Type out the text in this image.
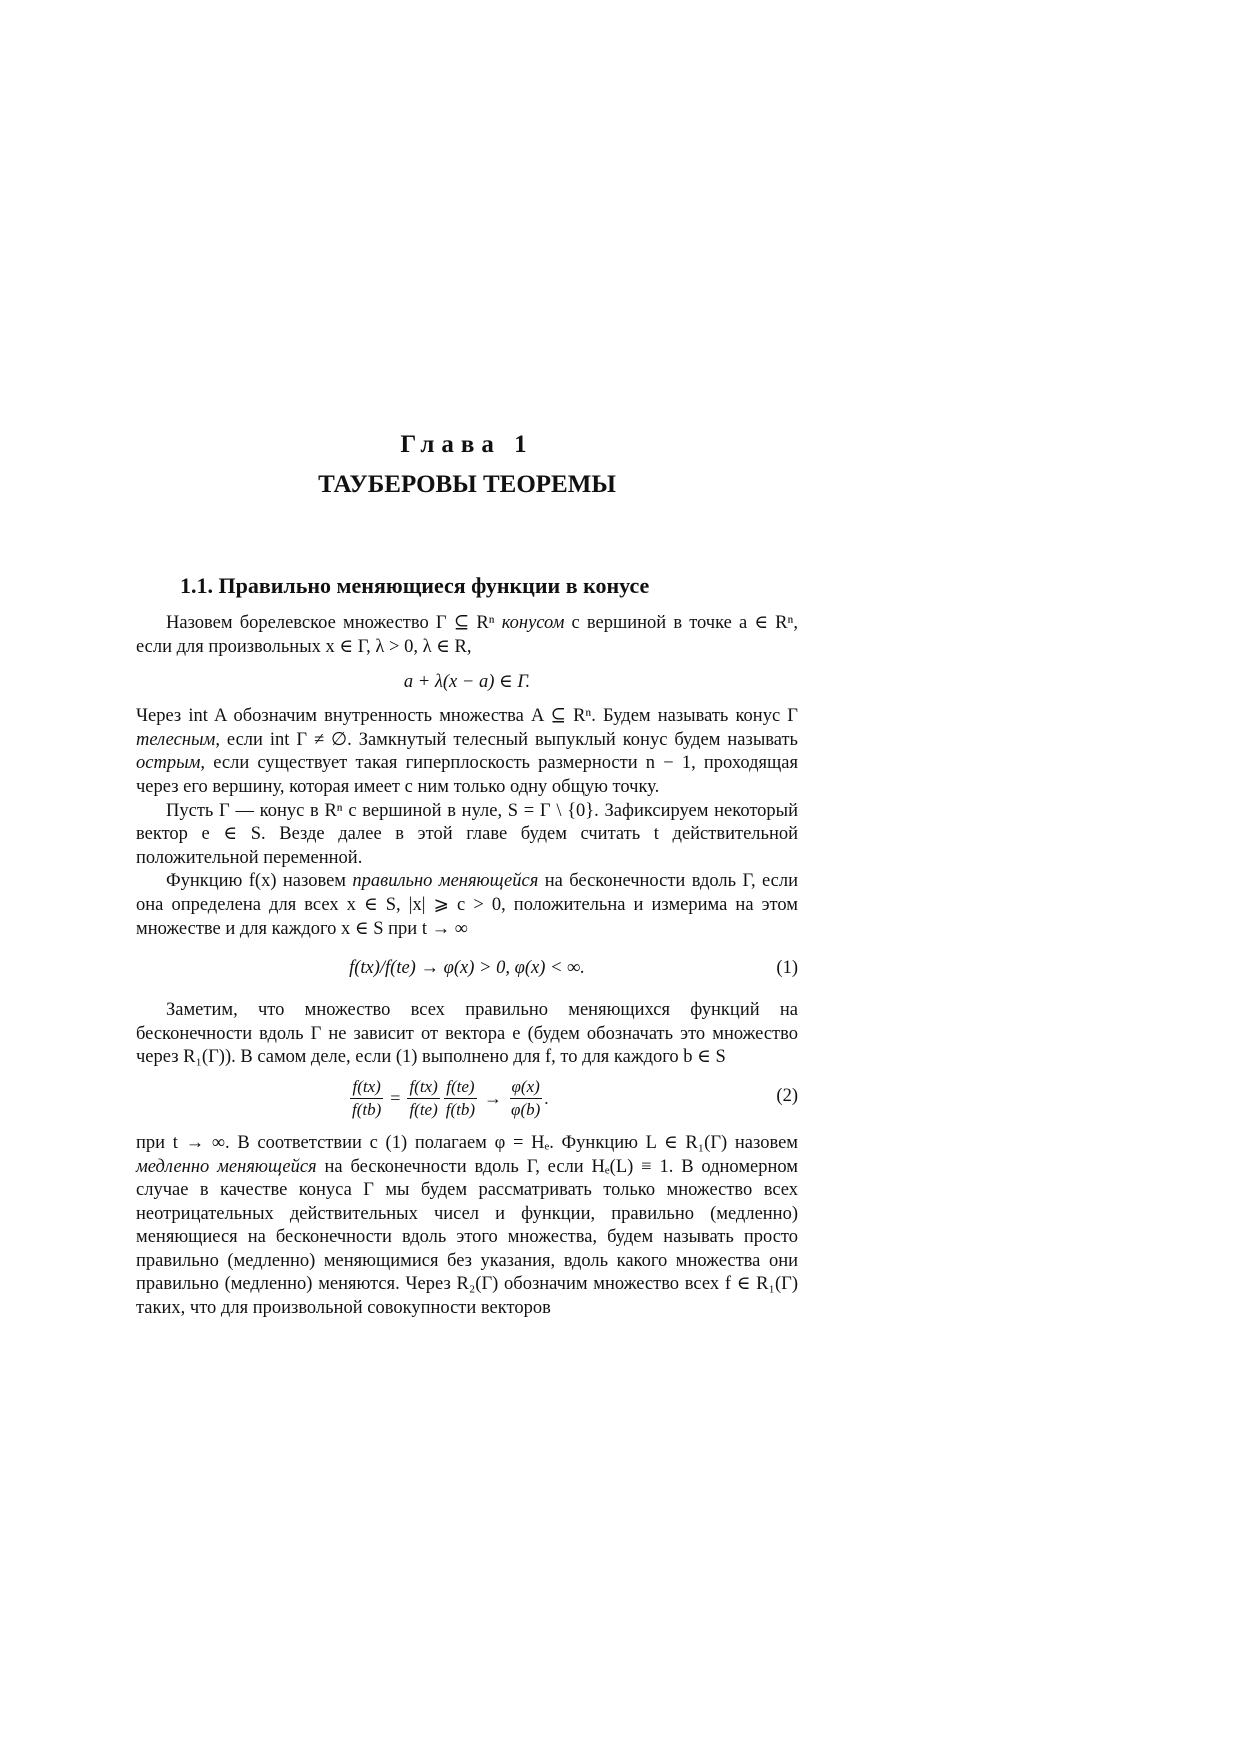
Глава 1
ТАУБЕРОВЫ ТЕОРЕМЫ
1.1. Правильно меняющиеся функции в конусе

Назовем борелевское множество Γ ⊆ Rⁿ конусом с вершиной в точке a ∈ Rⁿ, если для произвольных x ∈ Γ, λ > 0, λ ∈ R,

a + λ(x − a) ∈ Γ.

Через int A обозначим внутренность множества A ⊆ Rⁿ. Будем называть конус Γ телесным, если int Γ ≠ ∅. Замкнутый телесный выпуклый конус будем называть острым, если существует такая гиперплоскость размерности n − 1, проходящая через его вершину, которая имеет с ним только одну общую точку.

Пусть Γ — конус в Rⁿ с вершиной в нуле, S = Γ \ {0}. Зафиксируем некоторый вектор e ∈ S. Везде далее в этой главе будем считать t действительной положительной переменной.

Функцию f(x) назовем правильно меняющейся на бесконечности вдоль Γ, если она определена для всех x ∈ S, |x| ⩾ c > 0, положительна и измерима на этом множестве и для каждого x ∈ S при t → ∞

f(tx)/f(te) → φ(x) > 0, φ(x) < ∞.	(1)

Заметим, что множество всех правильно меняющихся функций на бесконечности вдоль Γ не зависит от вектора e (будем обозначать это множество через R₁(Γ)). В самом деле, если (1) выполнено для f, то для каждого b ∈ S

$\frac{f(tx)}{f(tb)} = \frac{f(tx)}{f(te)} \frac{f(te)}{f(tb)} \to \frac{\varphi(x)}{\varphi(b)}$ .	(2)

при t → ∞. В соответствии с (1) полагаем φ = Hₑ. Функцию L ∈ R₁(Γ) назовем медленно меняющейся на бесконечности вдоль Γ, если Hₑ(L) ≡ 1. В одномерном случае в качестве конуса Γ мы будем рассматривать только множество всех неотрицательных действительных чисел и функции, правильно (медленно) меняющиеся на бесконечности вдоль этого множества, будем называть просто правильно (медленно) меняющимися без указания, вдоль какого множества они правильно (медленно) меняются. Через R₂(Γ) обозначим множество всех f ∈ R₁(Γ) таких, что для произвольной совокупности векторов
